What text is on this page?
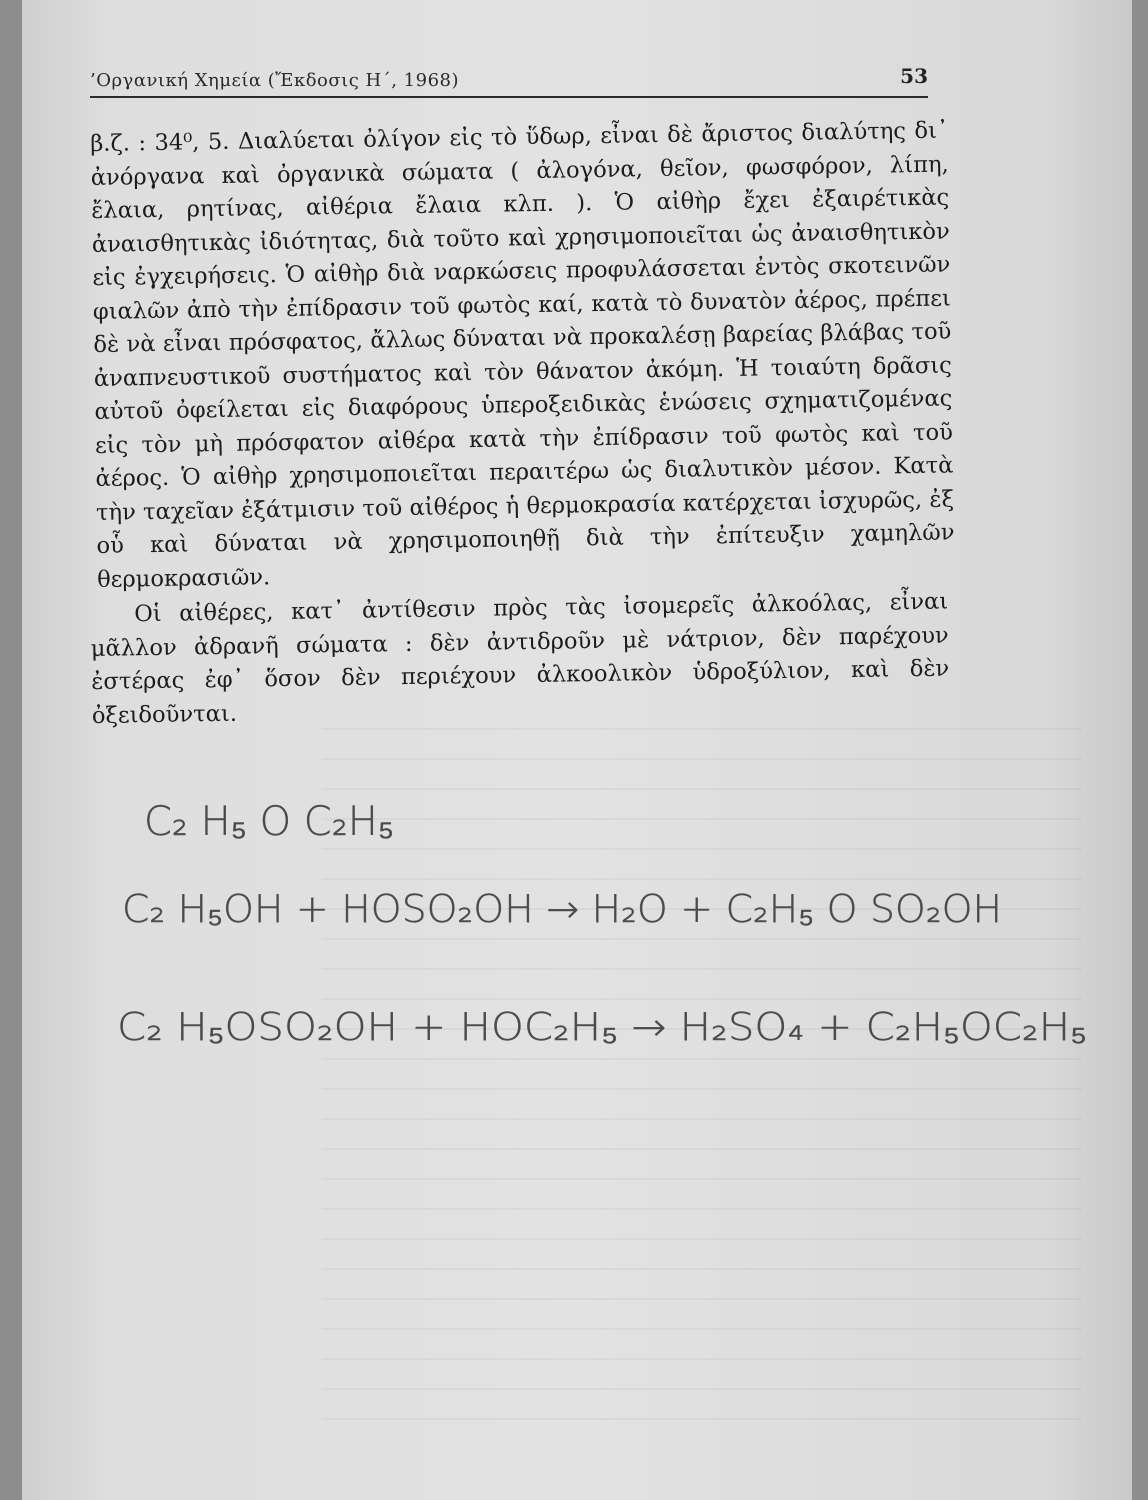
’Οργανική Χημεία (Ἔκδοσις Η΄, 1968)	53

β.ζ. : 34⁰, 5. Διαλύεται ὀλίγον εἰς τὸ ὕδωρ, εἶναι δὲ ἄριστος διαλύτης δι᾽ ἀνόργανα καὶ ὀργανικὰ σώματα ( ἀλογόνα, θεῖον, φωσφόρον, λίπη, ἔλαια, ρητίνας, αἰθέρια ἔλαια κλπ. ). Ὁ αἰθὴρ ἔχει ἐξαιρέτικὰς ἀναισθητικὰς ἰδιότητας, διὰ τοῦτο καὶ χρησιμοποιεῖται ὡς ἀναισθητικὸν εἰς ἐγχειρήσεις. Ὁ αἰθὴρ διὰ ναρκώσεις προφυλάσσεται ἐντὸς σκοτεινῶν φιαλῶν ἀπὸ τὴν ἐπίδρασιν τοῦ φωτὸς καί, κατὰ τὸ δυνατὸν ἀέρος, πρέπει δὲ νὰ εἶναι πρόσφατος, ἄλλως δύναται νὰ προκαλέσῃ βαρείας βλάβας τοῦ ἀναπνευστικοῦ συστήματος καὶ τὸν θάνατον ἀκόμη. Ἡ τοιαύτη δρᾶσις αὐτοῦ ὀφείλεται εἰς διαφόρους ὑπεροξειδικὰς ἑνώσεις σχηματιζομένας εἰς τὸν μὴ πρόσφατον αἰθέρα κατὰ τὴν ἐπίδρασιν τοῦ φωτὸς καὶ τοῦ ἀέρος. Ὁ αἰθὴρ χρησιμοποιεῖται περαιτέρω ὡς διαλυτικὸν μέσον. Κατὰ τὴν ταχεῖαν ἐξάτμισιν τοῦ αἰθέρος ἡ θερμοκρασία κατέρχεται ἰσχυρῶς, ἐξ οὗ καὶ δύναται νὰ χρησιμοποιηθῇ διὰ τὴν ἐπίτευξιν χαμηλῶν θερμοκρασιῶν.

Οἱ αἰθέρες, κατ᾽ ἀντίθεσιν πρὸς τὰς ἰσομερεῖς ἀλκοόλας, εἶναι μᾶλλον ἀδρανῆ σώματα : δὲν ἀντιδροῦν μὲ νάτριον, δὲν παρέχουν ἐστέρας ἐφ᾽ ὅσον δὲν περιέχουν ἀλκοολικὸν ὑδροξύλιον, καὶ δὲν ὀξειδοῦνται.

C₂ H₅ O C₂H₅
C₂ H₅OH + HOSO₂OH → H₂O + C₂H₅ O SO₂OH
C₂ H₅OSO₂OH + HOC₂H₅ → H₂SO₄ + C₂H₅OC₂H₅
